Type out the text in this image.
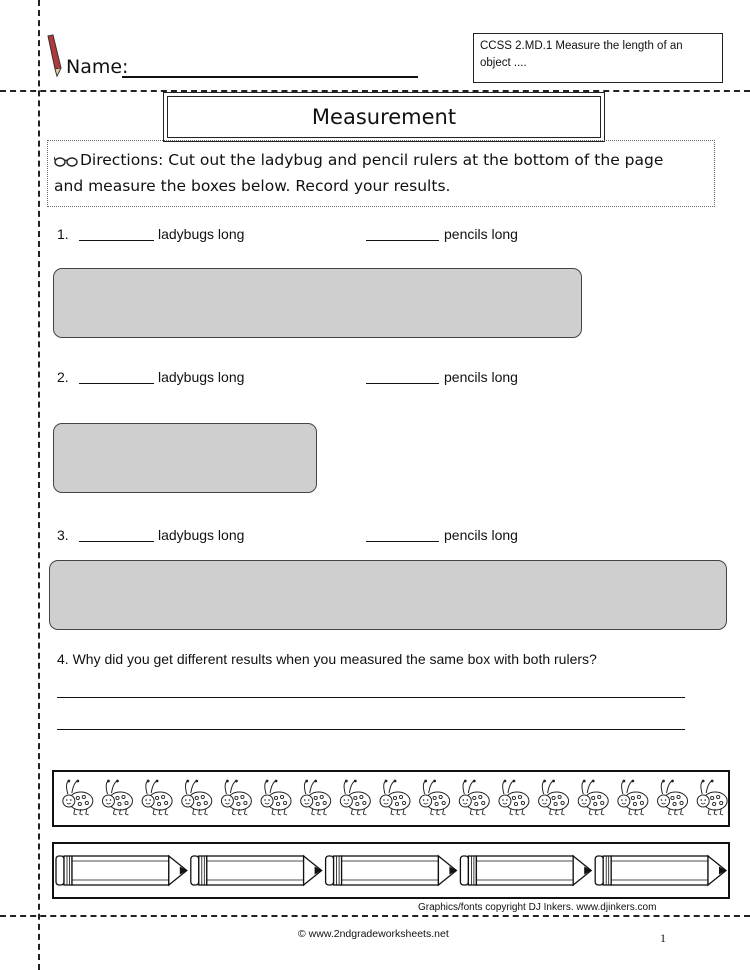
Name:
CCSS 2.MD.1 Measure the length of an
object ....
Measurement
Directions: Cut out the ladybug and pencil rulers at the bottom of the page
and measure the boxes below. Record your results.
1.	ladybugs long	pencils long
2.	ladybugs long	pencils long
3.	ladybugs long	pencils long
4. Why did you get different results when you measured the same box with both rulers?
Graphics/fonts copyright DJ Inkers. www.djinkers.com
© www.2ndgradeworksheets.net	1
